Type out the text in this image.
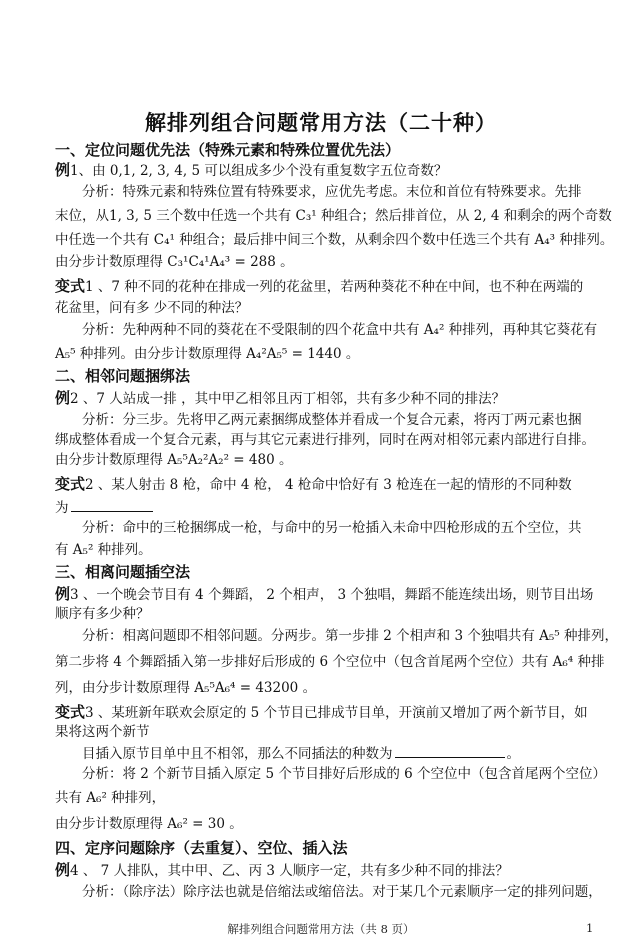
解排列组合问题常用方法（二十种）
一、定位问题优先法（特殊元素和特殊位置优先法）
例1、由 0,1, 2, 3, 4, 5 可以组成多少个没有重复数字五位奇数？
分析：特殊元素和特殊位置有特殊要求，应优先考虑。末位和首位有特殊要求。先排
末位，从1, 3, 5 三个数中任选一个共有 C₃¹ 种组合；然后排首位，从 2, 4 和剩余的两个奇数
中任选一个共有 C₄¹ 种组合；最后排中间三个数，从剩余四个数中任选三个共有 A₄³ 种排列。
由分步计数原理得 C₃¹C₄¹A₄³ = 288 。
变式1 、7 种不同的花种在排成一列的花盆里，若两种葵花不种在中间，也不种在两端的
花盆里，问有多 少不同的种法？
分析：先种两种不同的葵花在不受限制的四个花盒中共有 A₄² 种排列，再种其它葵花有
A₅⁵ 种排列。由分步计数原理得 A₄²A₅⁵ = 1440 。
二、相邻问题捆绑法
例2 、7 人站成一排 ，其中甲乙相邻且丙丁相邻，共有多少种不同的排法？
分析：分三步。先将甲乙两元素捆绑成整体并看成一个复合元素，将丙丁两元素也捆
绑成整体看成一个复合元素，再与其它元素进行排列，同时在两对相邻元素内部进行自排。
由分步计数原理得 A₅⁵A₂²A₂² = 480 。
变式2 、某人射击 8 枪，命中 4 枪， 4 枪命中恰好有 3 枪连在一起的情形的不同种数
为
分析：命中的三枪捆绑成一枪，与命中的另一枪插入未命中四枪形成的五个空位，共
有 A₅² 种排列。
三、相离问题插空法
例3 、一个晚会节目有 4 个舞蹈， 2 个相声， 3 个独唱，舞蹈不能连续出场，则节目出场
顺序有多少种？
分析：相离问题即不相邻问题。分两步。第一步排 2 个相声和 3 个独唱共有 A₅⁵ 种排列，
第二步将 4 个舞蹈插入第一步排好后形成的 6 个空位中（包含首尾两个空位）共有 A₆⁴ 种排
列，由分步计数原理得 A₅⁵A₆⁴ = 43200 。
变式3 、某班新年联欢会原定的 5 个节目已排成节目单，开演前又增加了两个新节目，如
果将这两个新节
目插入原节目单中且不相邻，那么不同插法的种数为	。
分析：将 2 个新节目插入原定 5 个节目排好后形成的 6 个空位中（包含首尾两个空位）
共有 A₆² 种排列，
由分步计数原理得 A₆² = 30 。
四、定序问题除序（去重复）、空位、插入法
例4 、 7 人排队，其中甲、乙、丙 3 人顺序一定，共有多少种不同的排法？
分析：（除序法）除序法也就是倍缩法或缩倍法。对于某几个元素顺序一定的排列问题，
解排列组合问题常用方法（共 8 页）	1
